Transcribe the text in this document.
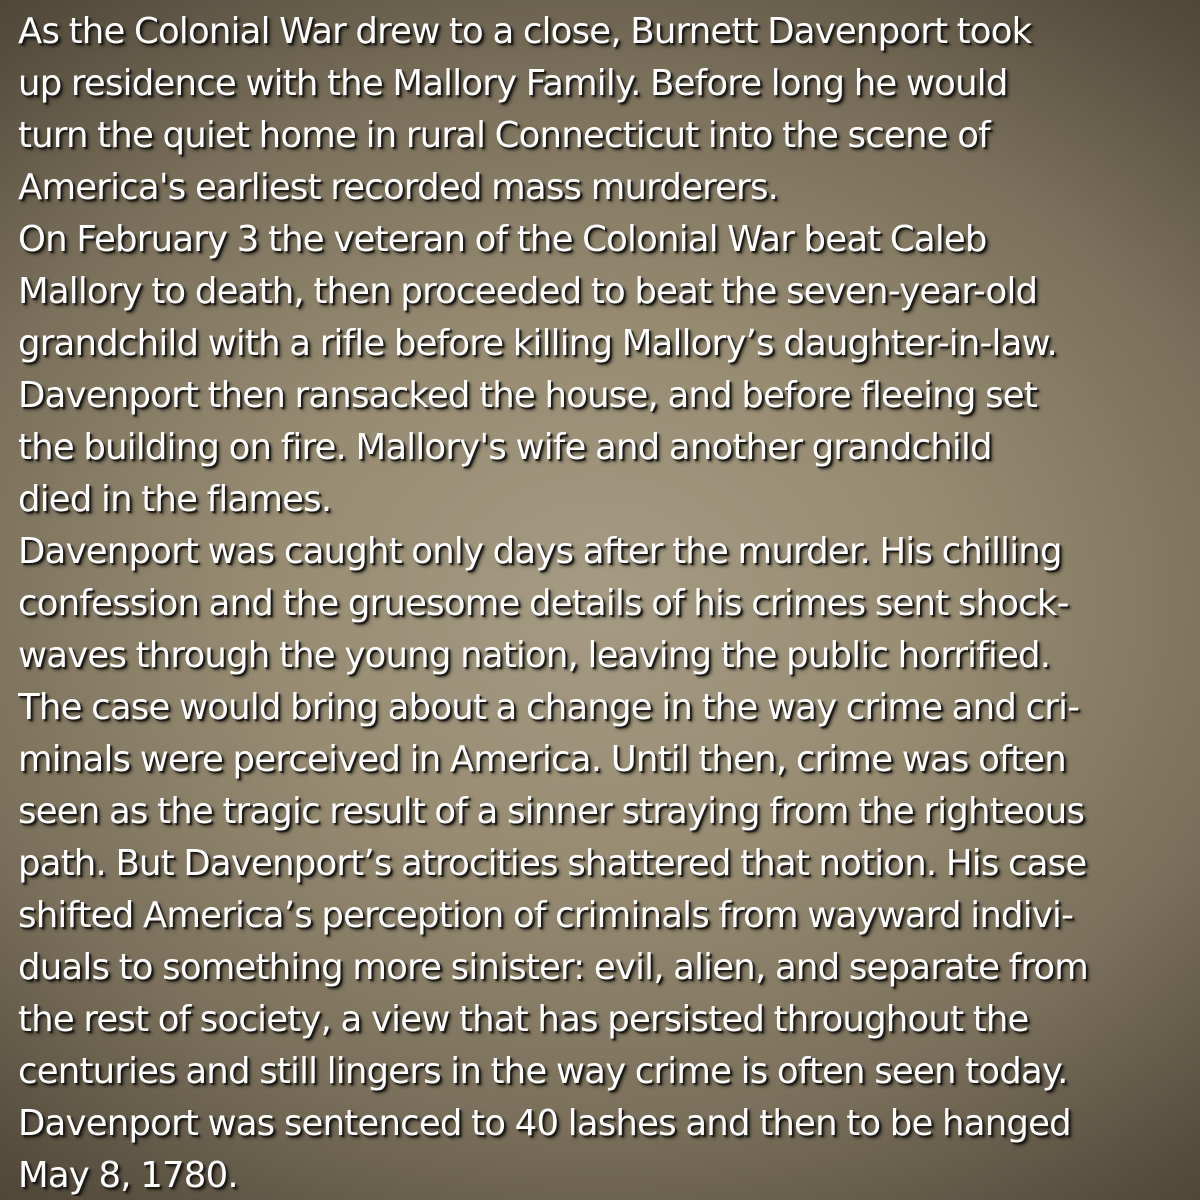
As the Colonial War drew to a close, Burnett Davenport took
up residence with the Mallory Family. Before long he would
turn the quiet home in rural Connecticut into the scene of
America's earliest recorded mass murderers.
On February 3 the veteran of the Colonial War beat Caleb
Mallory to death, then proceeded to beat the seven-year-old
grandchild with a rifle before killing Mallory’s daughter-in-law.
Davenport then ransacked the house, and before fleeing set
the building on fire. Mallory's wife and another grandchild
died in the flames.
Davenport was caught only days after the murder. His chilling
confession and the gruesome details of his crimes sent shock-
waves through the young nation, leaving the public horrified.
The case would bring about a change in the way crime and cri-
minals were perceived in America. Until then, crime was often
seen as the tragic result of a sinner straying from the righteous
path. But Davenport’s atrocities shattered that notion. His case
shifted America’s perception of criminals from wayward indivi-
duals to something more sinister: evil, alien, and separate from
the rest of society, a view that has persisted throughout the
centuries and still lingers in the way crime is often seen today.
Davenport was sentenced to 40 lashes and then to be hanged
May 8, 1780.
